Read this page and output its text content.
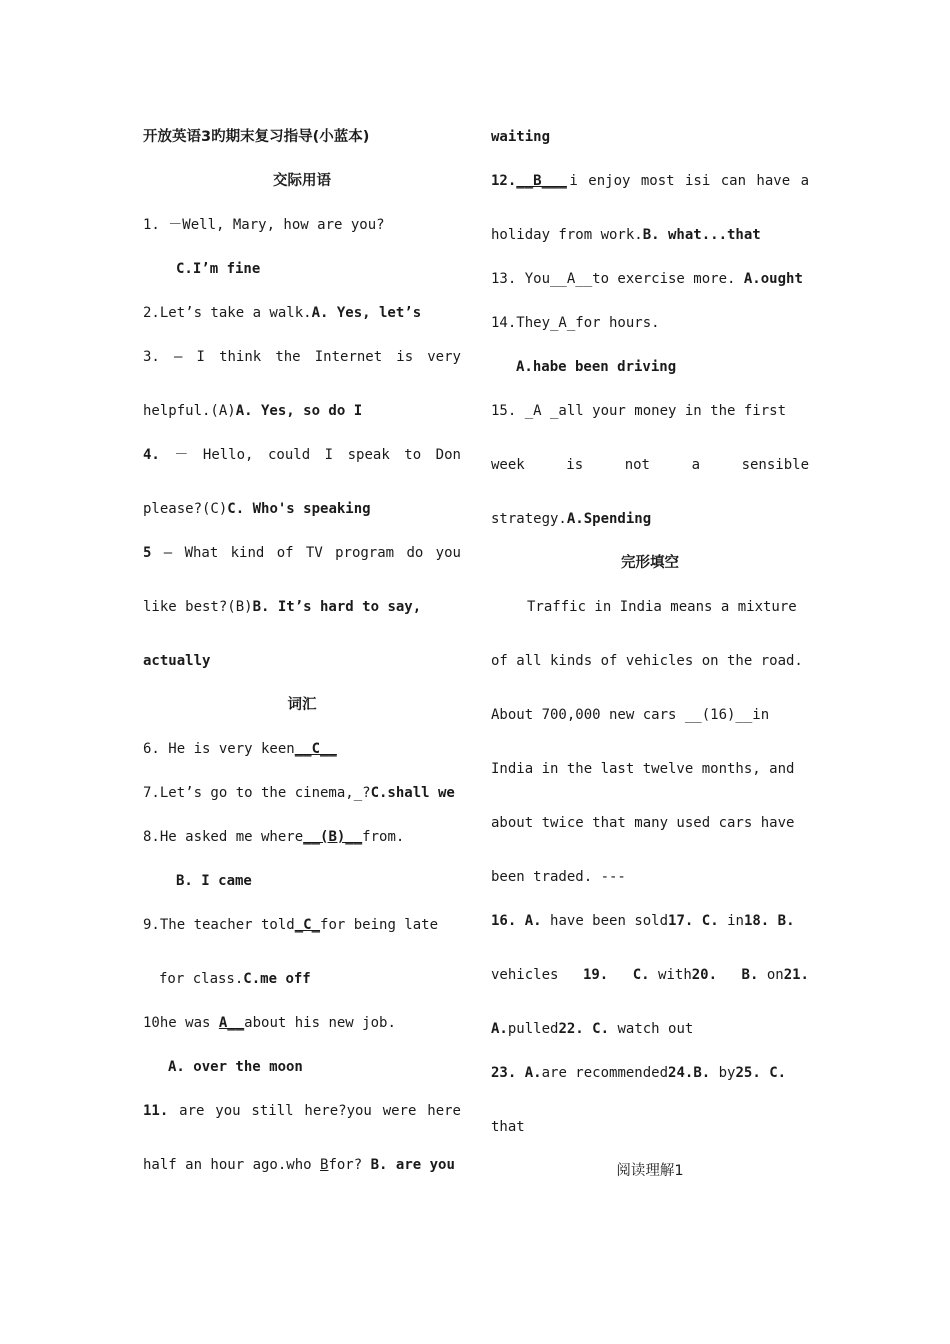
开放英语3旳期末复习指导(小蓝本)
交际用语
1. －Well, Mary, how are you?
C.I’m fine
2.Let’s take a walk.A. Yes, let’s
3. — I think the Internet is very
helpful.(A)A. Yes, so do I
4. － Hello, could I speak to Don
please?(C)C. Who's speaking
5 — What kind of TV program do you
like best?(B)B. It’s hard to say,
actually
词汇
6. He is very keen__C__
7.Let’s go to the cinema,_?C.shall we
8.He asked me where__(B)__from.
B. I came
9.The teacher told_C_for being late
for class.C.me off
10he was A__about his new job.
A. over the moon
11. are you still here?you were here
half an hour ago.who Bfor? B. are you
waiting
12.__B___ i enjoy most isi can have a
holiday from work.B. what...that
13. You__A__to exercise more. A.ought
14.They_A_for hours.
A.habe been driving
15. _A _all your money in the first
week	is	not	a	sensible
strategy.A.Spending
完形填空
Traffic in India means a mixture
of all kinds of vehicles on the road.
About 700,000 new cars __(16)__in
India in the last twelve months, and
about twice that many used cars have
been traded. ---
16. A. have been sold17. C. in18. B.
vehicles 19. C. with20. B. on21.
A.pulled22. C. watch out
23. A.are recommended24.B. by25. C.
that
阅读理解1
